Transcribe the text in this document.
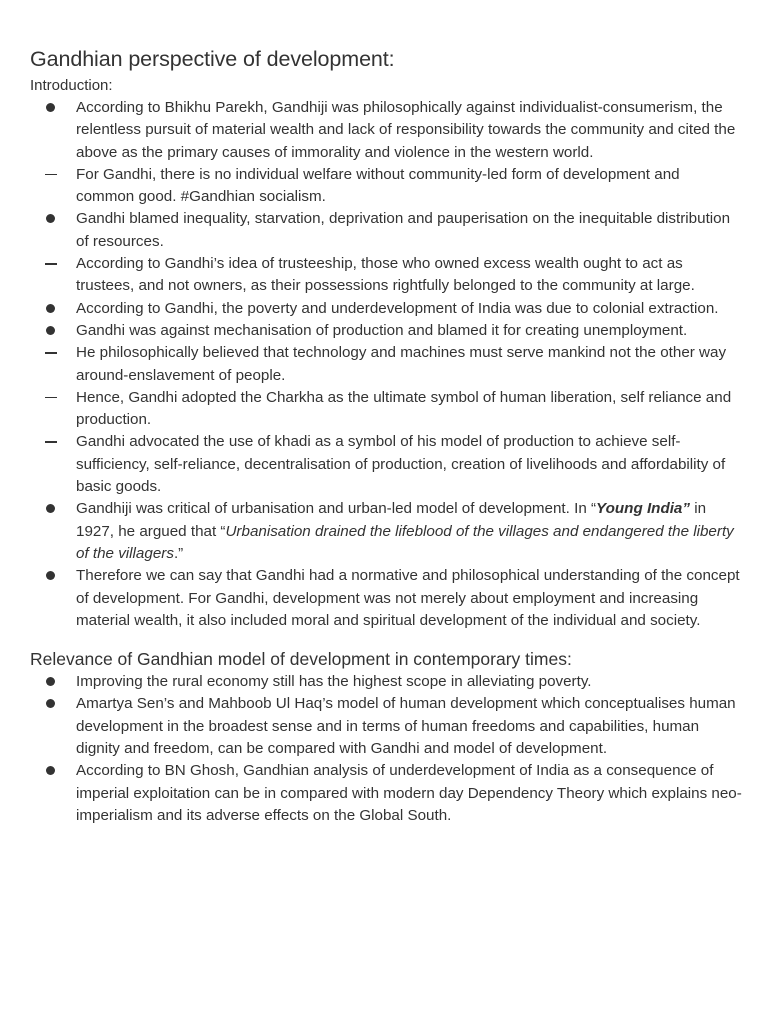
Gandhian perspective of development:
Introduction:
According to Bhikhu Parekh, Gandhiji was philosophically against individualist-consumerism, the relentless pursuit of material wealth and lack of responsibility towards the community and cited the above as the primary causes of immorality and violence in the western world.
For Gandhi, there is no individual welfare without community-led form of development and common good. #Gandhian socialism.
Gandhi blamed inequality, starvation, deprivation and pauperisation on the inequitable distribution of resources.
According to Gandhi’s idea of trusteeship, those who owned excess wealth ought to act as trustees, and not owners, as their possessions rightfully belonged to the community at large.
According to Gandhi, the poverty and underdevelopment of India was due to colonial extraction.
Gandhi was against mechanisation of production and blamed it for creating unemployment.
He philosophically believed that technology and machines must serve mankind not the other way around-enslavement of people.
Hence, Gandhi adopted the Charkha as the ultimate symbol of human liberation, self reliance and production.
Gandhi advocated the use of khadi as a symbol of his model of production to achieve self-sufficiency, self-reliance, decentralisation of production, creation of livelihoods and affordability of basic goods.
Gandhiji was critical of urbanisation and urban-led model of development. In “Young India” in 1927, he argued that “Urbanisation drained the lifeblood of the villages and endangered the liberty of the villagers.”
Therefore we can say that Gandhi had a normative and philosophical understanding of the concept of development. For Gandhi, development was not merely about employment and increasing material wealth, it also included moral and spiritual development of the individual and society.
Relevance of Gandhian model of development in contemporary times:
Improving the rural economy still has the highest scope in alleviating poverty.
Amartya Sen’s and Mahboob Ul Haq’s model of human development which conceptualises human development in the broadest sense and in terms of human freedoms and capabilities, human dignity and freedom, can be compared with Gandhi and model of development.
According to BN Ghosh, Gandhian analysis of underdevelopment of India as a consequence of imperial exploitation can be in compared with modern day Dependency Theory which explains neo-imperialism and its adverse effects on the Global South.
